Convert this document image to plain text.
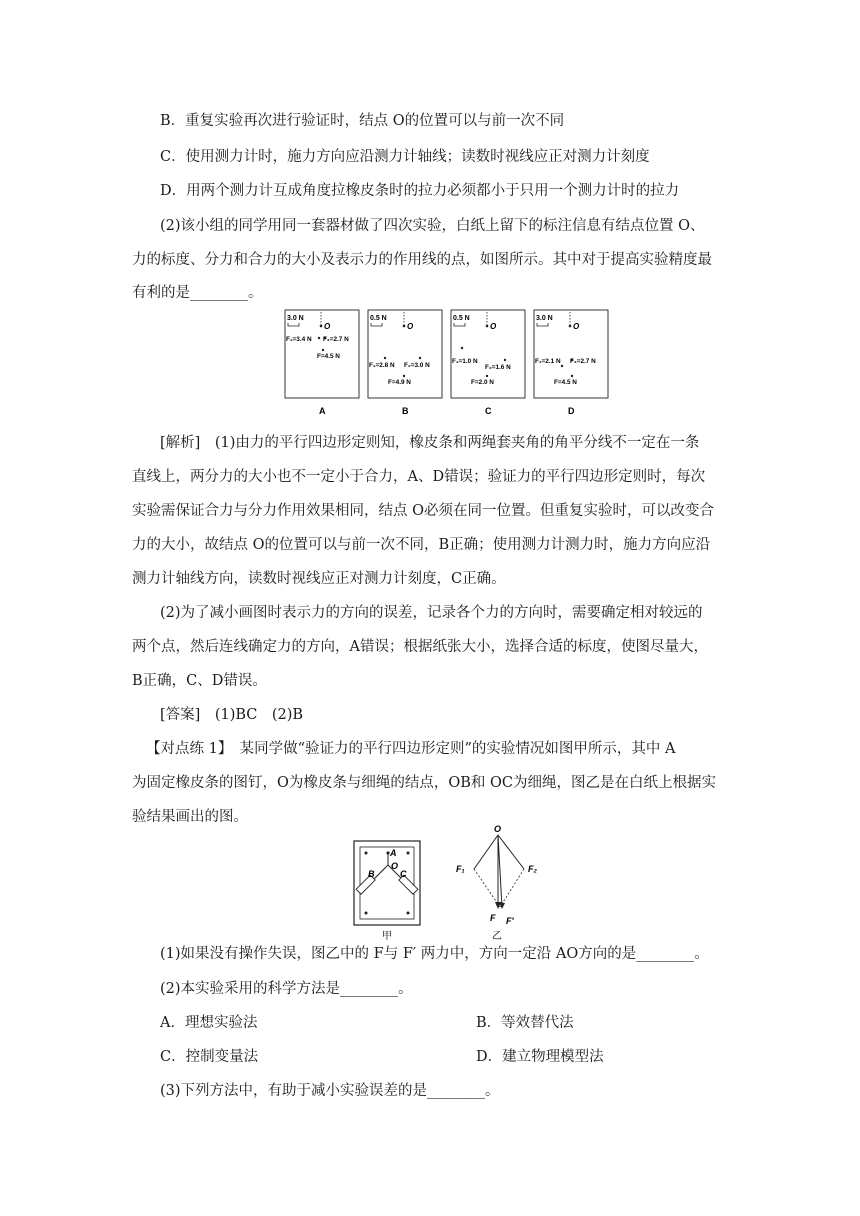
B．重复实验再次进行验证时，结点 O的位置可以与前一次不同
C．使用测力计时，施力方向应沿测力计轴线；读数时视线应正对测力计刻度
D．用两个测力计互成角度拉橡皮条时的拉力必须都小于只用一个测力计时的拉力
(2)该小组的同学用同一套器材做了四次实验，白纸上留下的标注信息有结点位置 O、
力的标度、分力和合力的大小及表示力的作用线的点，如图所示。其中对于提高实验精度最
有利的是________。
3.0 N
O
F₁=3.4 N F₂=2.7 N
F=4.5 N
A
0.5 N
O
F₁=2.8 N F₂=3.0 N
F=4.9 N
B
0.5 N
O
F₁=1.0 N
F₂=1.6 N
F=2.0 N
C
3.0 N
O
F₁=2.1 N F₂=2.7 N
F=4.5 N
D
[解析]　(1)由力的平行四边形定则知，橡皮条和两绳套夹角的角平分线不一定在一条
直线上，两分力的大小也不一定小于合力，A、D错误；验证力的平行四边形定则时，每次
实验需保证合力与分力作用效果相同，结点 O必须在同一位置。但重复实验时，可以改变合
力的大小，故结点 O的位置可以与前一次不同，B正确；使用测力计测力时，施力方向应沿
测力计轴线方向，读数时视线应正对测力计刻度，C正确。
(2)为了减小画图时表示力的方向的误差，记录各个力的方向时，需要确定相对较远的
两个点，然后连线确定力的方向，A错误；根据纸张大小，选择合适的标度，使图尽量大，
B正确，C、D错误。
[答案]　(1)BC　(2)B
【对点练 1】　某同学做“验证力的平行四边形定则”的实验情况如图甲所示，其中 A
为固定橡皮条的图钉，O为橡皮条与细绳的结点，OB和 OC为细绳，图乙是在白纸上根据实
验结果画出的图。
A
O
B	C
甲
O
F₁	F₂
F F′
乙
(1)如果没有操作失误，图乙中的 F与 F′ 两力中，方向一定沿 AO方向的是________。
(2)本实验采用的科学方法是________。
A．理想实验法	B．等效替代法
C．控制变量法	D．建立物理模型法
(3)下列方法中，有助于减小实验误差的是________。
